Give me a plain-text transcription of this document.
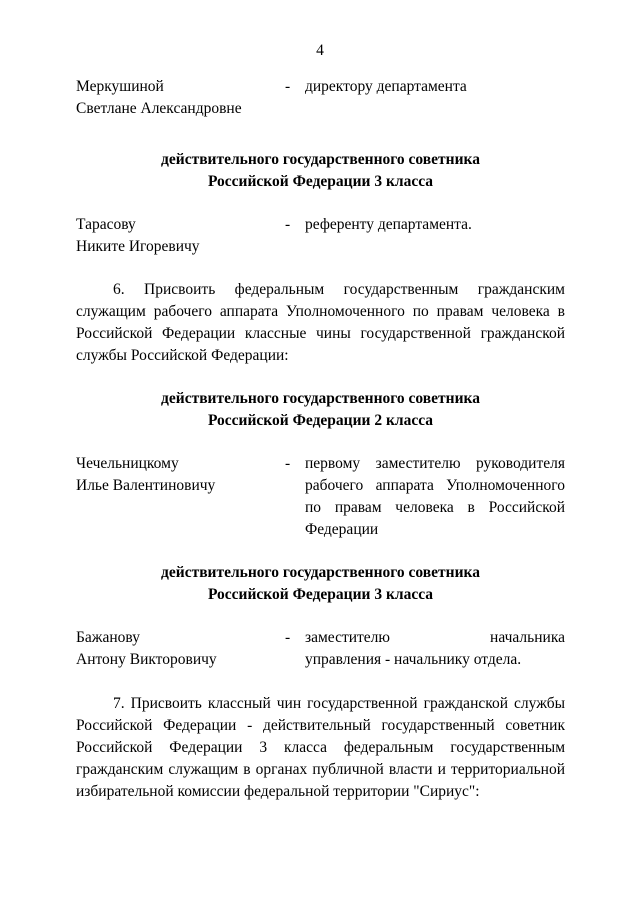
4
Меркушиной
Светлане Александровне
- директору департамента
действительного государственного советника
Российской Федерации 3 класса
Тарасову
Никите Игоревичу
- референту департамента.

6. Присвоить федеральным государственным гражданским служащим рабочего аппарата Уполномоченного по правам человека в Российской Федерации классные чины государственной гражданской службы Российской Федерации:

действительного государственного советника
Российской Федерации 2 класса
Чечельницкому
Илье Валентиновичу
- первому заместителю руководителя рабочего аппарата Уполномоченного по правам человека в Российской Федерации
действительного государственного советника
Российской Федерации 3 класса
Бажанову
Антону Викторовичу
- заместителю начальника
управления - начальнику отдела.

7. Присвоить классный чин государственной гражданской службы Российской Федерации - действительный государственный советник Российской Федерации 3 класса федеральным государственным гражданским служащим в органах публичной власти и территориальной избирательной комиссии федеральной территории "Сириус":
